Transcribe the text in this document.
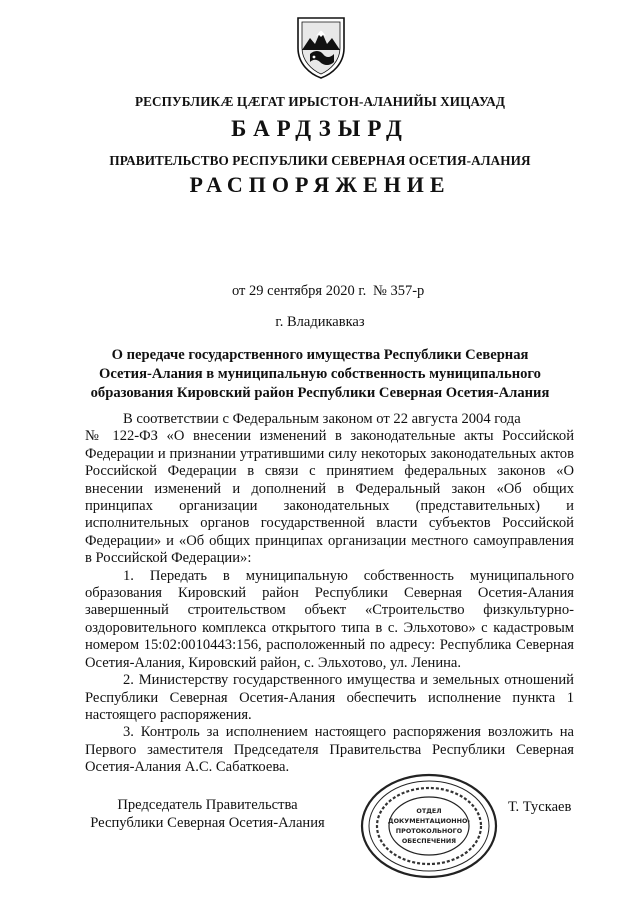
РЕСПУБЛИКӔ ЦӔГАТ ИРЫСТОН-АЛАНИЙЫ ХИЦАУАД
БАРДЗЫРД
ПРАВИТЕЛЬСТВО РЕСПУБЛИКИ СЕВЕРНАЯ ОСЕТИЯ-АЛАНИЯ
РАСПОРЯЖЕНИЕ
от 29 сентября 2020 г. № 357-р
г. Владикавказ
О передаче государственного имущества Республики Северная
Осетия-Алания в муниципальную собственность муниципального
образования Кировский район Республики Северная Осетия-Алания

В соответствии с Федеральным законом от 22 августа 2004 года

№ 122-ФЗ «О внесении изменений в законодательные акты Российской Федерации и признании утратившими силу некоторых законодательных актов Российской Федерации в связи с принятием федеральных законов «О внесении изменений и дополнений в Федеральный закон «Об общих принципах организации законодательных (представительных) и исполнительных органов государственной власти субъектов Российской Федерации» и «Об общих принципах организации местного самоуправления в Российской Федерации»:

1. Передать в муниципальную собственность муниципального образования Кировский район Республики Северная Осетия-Алания завершенный строительством объект «Строительство физкультурно-оздоровительного комплекса открытого типа в с. Эльхотово» с кадастровым номером 15:02:0010443:156, расположенный по адресу: Республика Северная Осетия-Алания, Кировский район, с. Эльхотово, ул. Ленина.

2. Министерству государственного имущества и земельных отношений Республики Северная Осетия-Алания обеспечить исполнение пункта 1 настоящего распоряжения.

3. Контроль за исполнением настоящего распоряжения возложить на Первого заместителя Председателя Правительства Республики Северная Осетия-Алания А.С. Сабаткоева.

Председатель Правительства
Республики Северная Осетия-Алания
Т. Тускаев
ОТДЕЛ
ДОКУМЕНТАЦИОННО-
ПРОТОКОЛЬНОГО
ОБЕСПЕЧЕНИЯ
